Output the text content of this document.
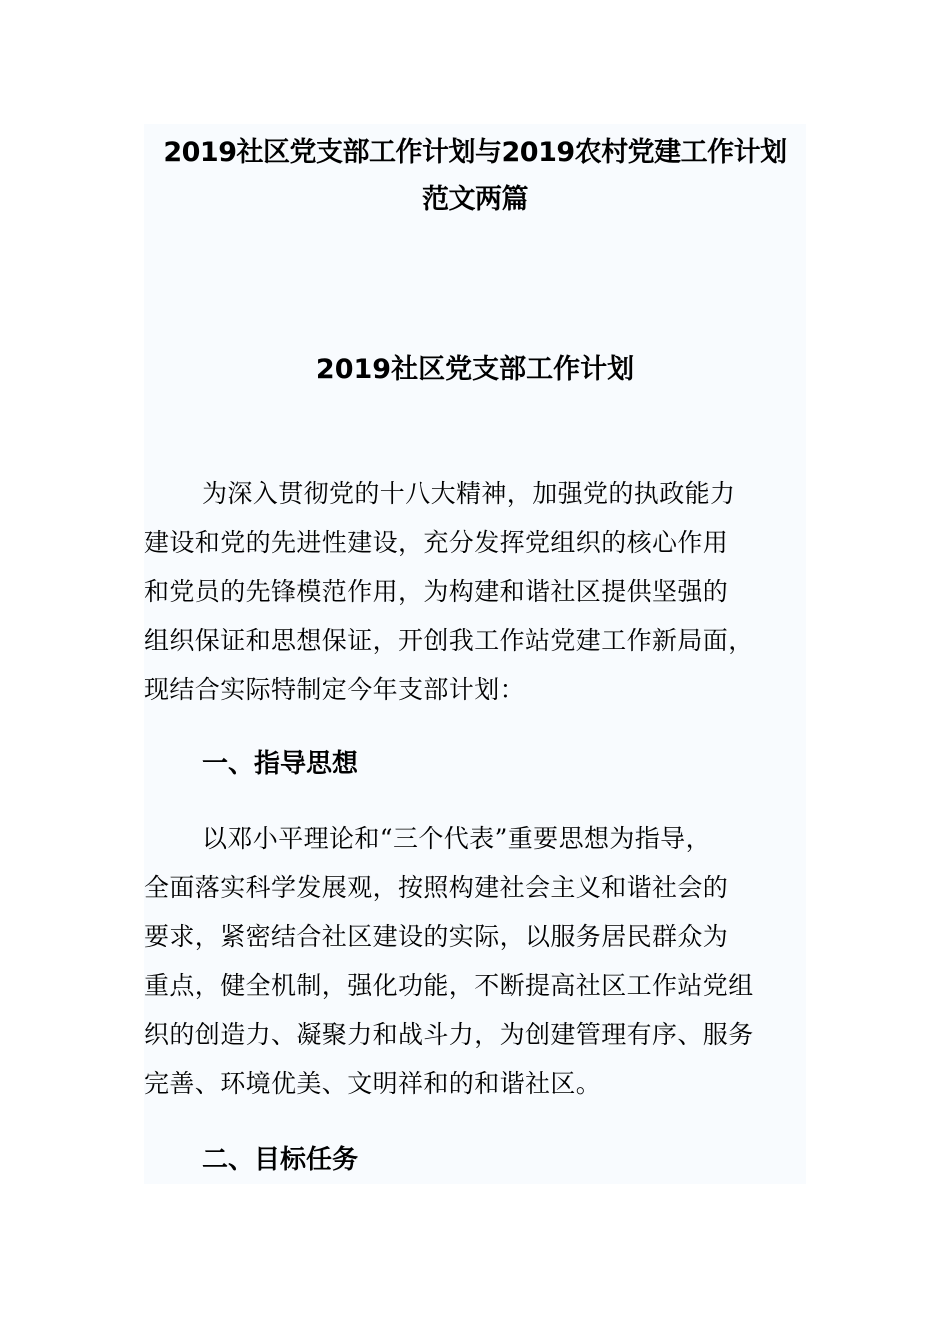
2019社区党支部工作计划与2019农村党建工作计划
范文两篇
2019社区党支部工作计划
为深入贯彻党的十八大精神，加强党的执政能力
建设和党的先进性建设，充分发挥党组织的核心作用
和党员的先锋模范作用，为构建和谐社区提供坚强的
组织保证和思想保证，开创我工作站党建工作新局面，
现结合实际特制定今年支部计划：
一、指导思想
以邓小平理论和“三个代表”重要思想为指导，
全面落实科学发展观，按照构建社会主义和谐社会的
要求，紧密结合社区建设的实际，以服务居民群众为
重点，健全机制，强化功能，不断提高社区工作站党组
织的创造力、凝聚力和战斗力，为创建管理有序、服务
完善、环境优美、文明祥和的和谐社区。
二、目标任务
